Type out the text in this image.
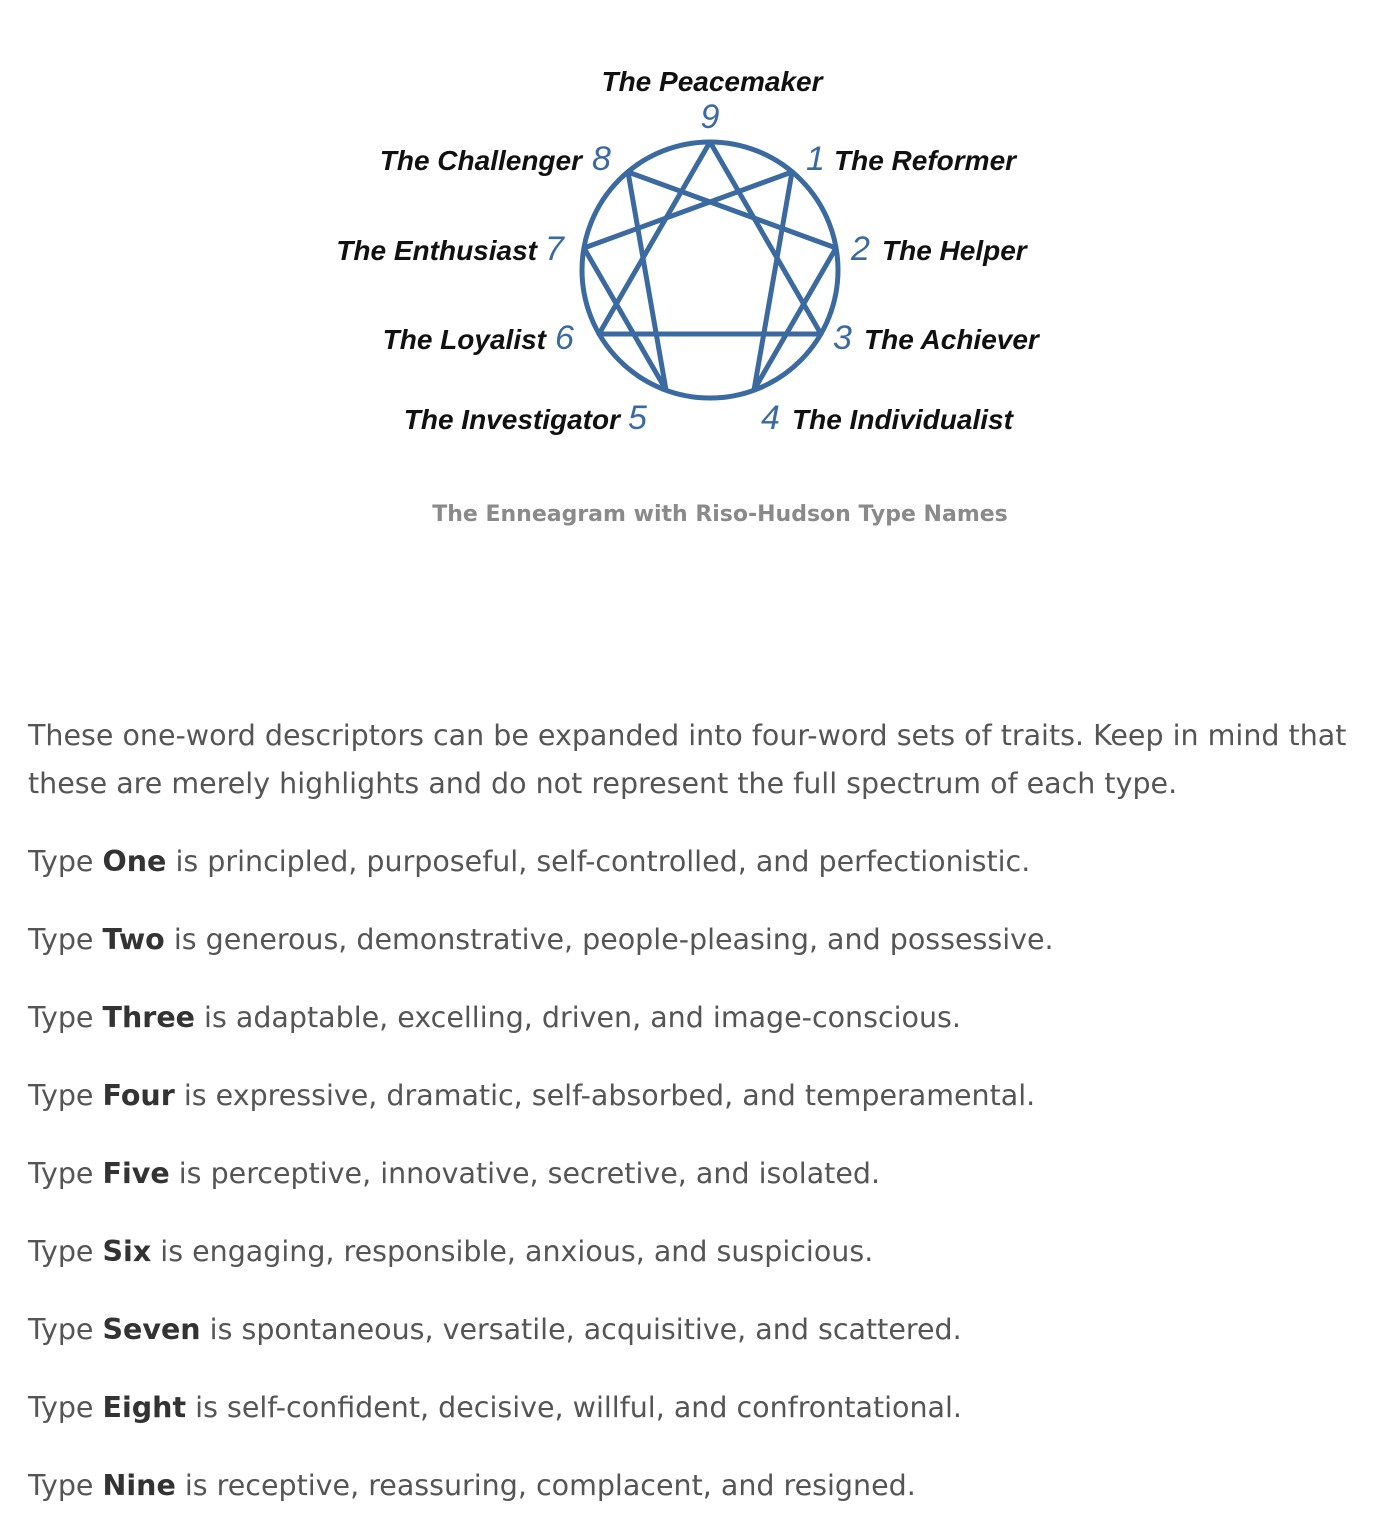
9
1
2
3
4
5
6
7
8
The Peacemaker
The Reformer
The Helper
The Achiever
The Individualist
The Investigator
The Loyalist
The Enthusiast
The Challenger
The Enneagram with Riso-Hudson Type Names

These one-word descriptors can be expanded into four-word sets of traits. Keep in mind that
these are merely highlights and do not represent the full spectrum of each type.

Type One is principled, purposeful, self-controlled, and perfectionistic.

Type Two is generous, demonstrative, people-pleasing, and possessive.

Type Three is adaptable, excelling, driven, and image-conscious.

Type Four is expressive, dramatic, self-absorbed, and temperamental.

Type Five is perceptive, innovative, secretive, and isolated.

Type Six is engaging, responsible, anxious, and suspicious.

Type Seven is spontaneous, versatile, acquisitive, and scattered.

Type Eight is self-confident, decisive, willful, and confrontational.

Type Nine is receptive, reassuring, complacent, and resigned.
